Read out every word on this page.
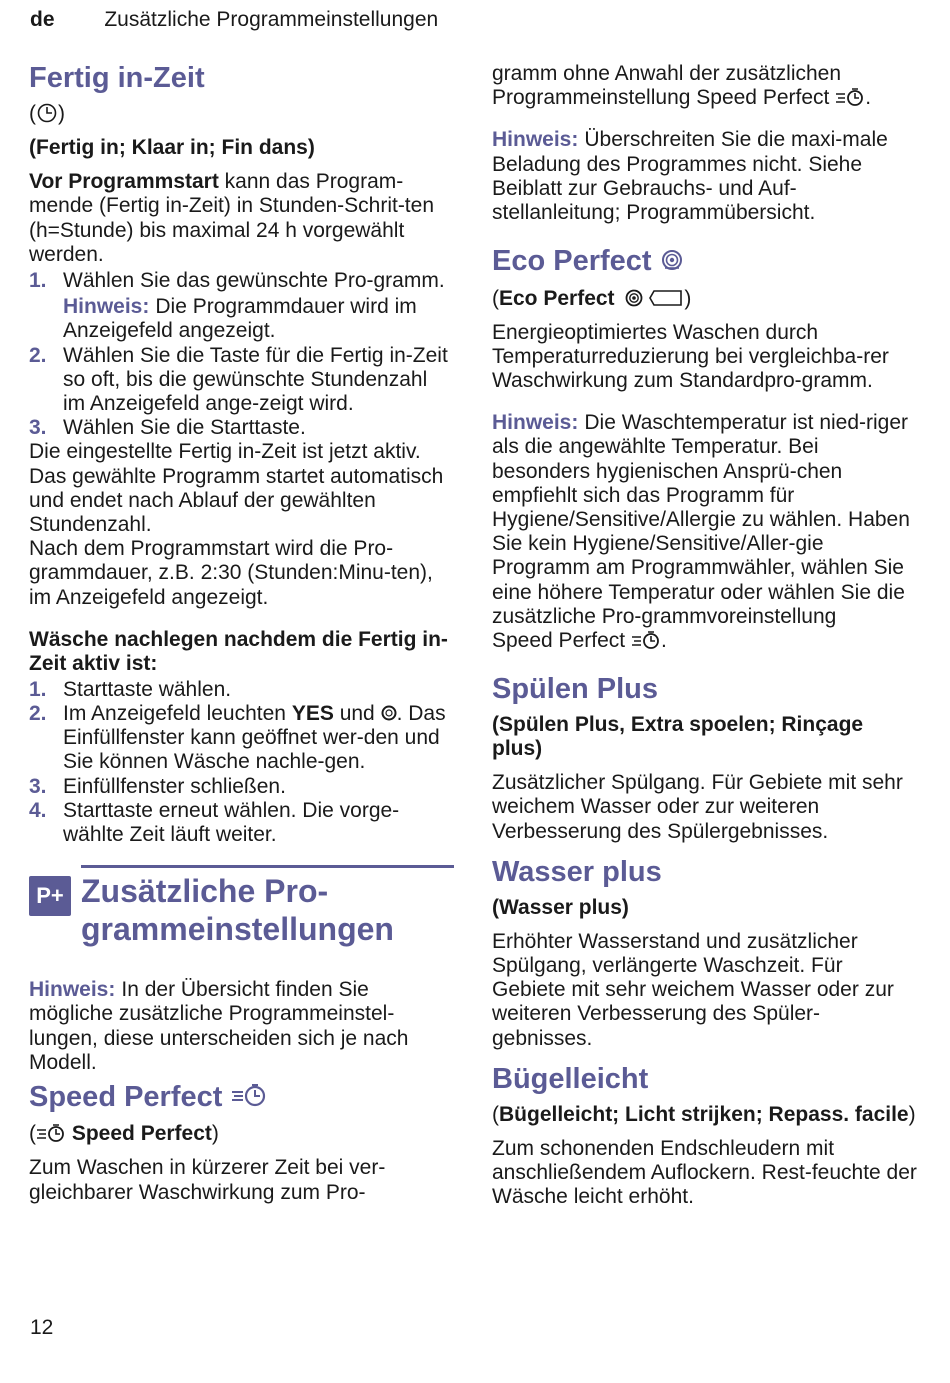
de Zusätzliche Programmeinstellungen
Fertig in-Zeit

( )

(Fertig in; Klaar in; Fin dans)

Vor Programmstart kann das Program-mende (Fertig in-Zeit) in Stunden-Schrit-ten (h=Stunde) bis maximal 24 h vorgewählt werden.

1. Wählen Sie das gewünschte Pro-gramm.
Hinweis: Die Programmdauer wird im Anzeigefeld angezeigt.
2. Wählen Sie die Taste für die Fertig in-Zeit so oft, bis die gewünschte Stundenzahl im Anzeigefeld ange-zeigt wird.
3. Wählen Sie die Starttaste.

Die eingestellte Fertig in-Zeit ist jetzt aktiv. Das gewählte Programm startet automatisch und endet nach Ablauf der gewählten Stundenzahl.

Nach dem Programmstart wird die Pro-grammdauer, z.B. 2:30 (Stunden:Minu-ten), im Anzeigefeld angezeigt.

Wäsche nachlegen nachdem die Fertig in-Zeit aktiv ist:

1. Starttaste wählen.
2. Im Anzeigefeld leuchten YES und . Das Einfüllfenster kann geöffnet wer-den und Sie können Wäsche nachle-gen.
3. Einfüllfenster schließen.
4. Starttaste erneut wählen. Die vorge-wählte Zeit läuft weiter.
P+ Zusätzliche Pro-
grammeinstellungen

Hinweis: In der Übersicht finden Sie mögliche zusätzliche Programmeinstel-lungen, diese unterscheiden sich je nach Modell.

Speed Perfect

( Speed Perfect)

Zum Waschen in kürzerer Zeit bei ver-gleichbarer Waschwirkung zum Pro-

gramm ohne Anwahl der zusätzlichen Programmeinstellung Speed Perfect .

Hinweis: Überschreiten Sie die maxi-male Beladung des Programmes nicht. Siehe Beiblatt zur Gebrauchs- und Auf-stellanleitung; Programmübersicht.

Eco Perfect

(Eco Perfect	)

Energieoptimiertes Waschen durch Temperaturreduzierung bei vergleichba-rer Waschwirkung zum Standardpro-gramm.

Hinweis: Die Waschtemperatur ist nied-riger als die angewählte Temperatur. Bei besonders hygienischen Ansprü-chen empfiehlt sich das Programm für Hygiene/Sensitive/Allergie zu wählen. Haben Sie kein Hygiene/Sensitive/Aller-gie Programm am Programmwähler, wählen Sie eine höhere Temperatur oder wählen Sie die zusätzliche Pro-grammvoreinstellung
Speed Perfect .

Spülen Plus

(Spülen Plus, Extra spoelen; Rinçage plus)

Zusätzlicher Spülgang. Für Gebiete mit sehr weichem Wasser oder zur weiteren Verbesserung des Spülergebnisses.

Wasser plus

(Wasser plus)

Erhöhter Wasserstand und zusätzlicher Spülgang, verlängerte Waschzeit. Für Gebiete mit sehr weichem Wasser oder zur weiteren Verbesserung des Spüler-gebnisses.

Bügelleicht

(Bügelleicht; Licht strijken; Repass. facile)

Zum schonenden Endschleudern mit anschließendem Auflockern. Rest-feuchte der Wäsche leicht erhöht.

12
